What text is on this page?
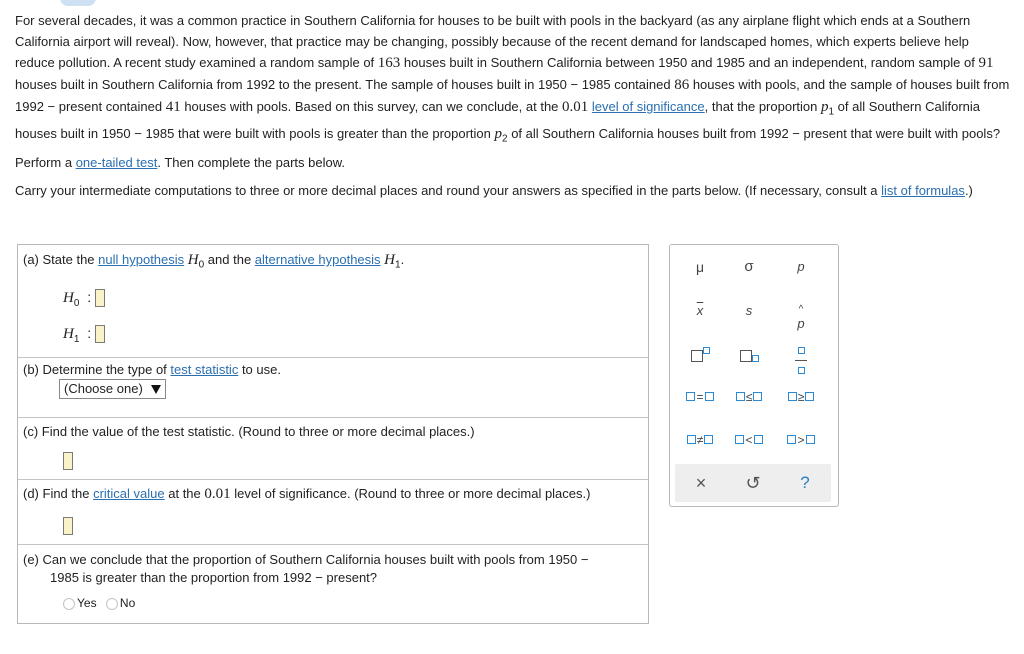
For several decades, it was a common practice in Southern California for houses to be built with pools in the backyard (as any airplane flight which ends at a Southern California airport will reveal). Now, however, that practice may be changing, possibly because of the recent demand for landscaped homes, which experts believe help reduce pollution. A recent study examined a random sample of 163 houses built in Southern California between 1950 and 1985 and an independent, random sample of 91 houses built in Southern California from 1992 to the present. The sample of houses built in 1950 − 1985 contained 86 houses with pools, and the sample of houses built from 1992 − present contained 41 houses with pools. Based on this survey, can we conclude, at the 0.01 level of significance, that the proportion $p_1$ of all Southern California houses built in 1950 − 1985 that were built with pools is greater than the proportion $p_2$ of all Southern California houses built from 1992 − present that were built with pools?

Perform a one-tailed test. Then complete the parts below.
Carry your intermediate computations to three or more decimal places and round your answers as specified in the parts below. (If necessary, consult a list of formulas.)
(a) State the null hypothesis $H_0$ and the alternative hypothesis $H_1$.
$H_0$ :
$H_1$ :
(b) Determine the type of test statistic to use.
(Choose one)
(c) Find the value of the test statistic. (Round to three or more decimal places.)
(d) Find the critical value at the 0.01 level of significance. (Round to three or more decimal places.)
(e) Can we conclude that the proportion of Southern California houses built with pools from 1950 −
1985 is greater than the proportion from 1992 − present?
Yes No
μ	σ	p
$\overline{x}$	s	^
p

=	≤	≥
≠	<	>
×	↺	?
